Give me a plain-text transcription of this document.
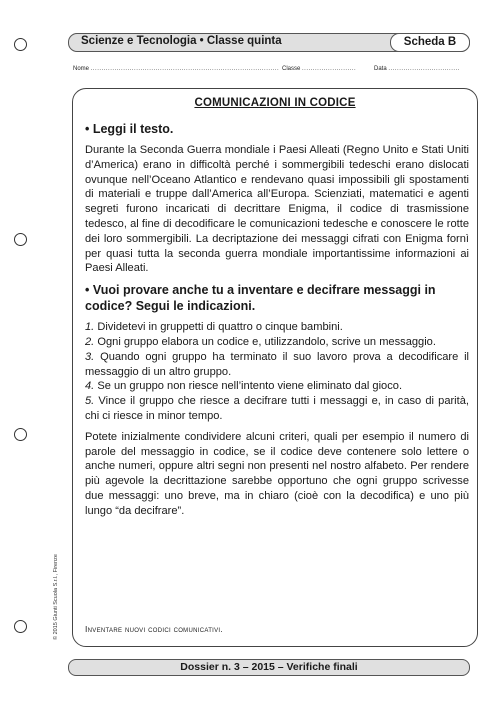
Scienze e Tecnologia • Classe quinta	Scheda B
Nome ....................................................................................... Classe .........................	Data .................................
COMUNICAZIONI IN CODICE

• Leggi il testo.

Durante la Seconda Guerra mondiale i Paesi Alleati (Regno Unito e Stati Uniti d’America) erano in difficoltà perché i sommergibili tedeschi erano dislocati ovunque nell’Oceano Atlantico e rendevano quasi impossibili gli spostamenti di materiali e truppe dall’America all’Europa. Scienziati, matematici e agenti segreti furono incaricati di decrittare Enigma, il codice di trasmissione tedesco, al fine di decodificare le comunicazioni tedesche e conoscere le rotte dei loro sommergibili. La decriptazione dei messaggi cifrati con Enigma fornì per quasi tutta la seconda guerra mondiale importantissime informazioni ai Paesi Alleati.

• Vuoi provare anche tu a inventare e decifrare messaggi in codice? Segui le indicazioni.

1. Dividetevi in gruppetti di quattro o cinque bambini.

2. Ogni gruppo elabora un codice e, utilizzandolo, scrive un messaggio.

3. Quando ogni gruppo ha terminato il suo lavoro prova a decodificare il messaggio di un altro gruppo.

4. Se un gruppo non riesce nell’intento viene eliminato dal gioco.

5. Vince il gruppo che riesce a decifrare tutti i messaggi e, in caso di parità, chi ci riesce in minor tempo.

Potete inizialmente condividere alcuni criteri, quali per esempio il numero di parole del messaggio in codice, se il codice deve contenere solo lettere o anche numeri, oppure altri segni non presenti nel nostro alfabeto. Per rendere più agevole la decrittazione sarebbe opportuno che ogni gruppo scrivesse due messaggi: uno breve, ma in chiaro (cioè con la decodifica) e uno più lungo “da decifrare”.

Inventare nuovi codici comunicativi.
© 2015 Giunti Scuola S.r.l., Firenze
Dossier n. 3 – 2015 – Verifiche finali
